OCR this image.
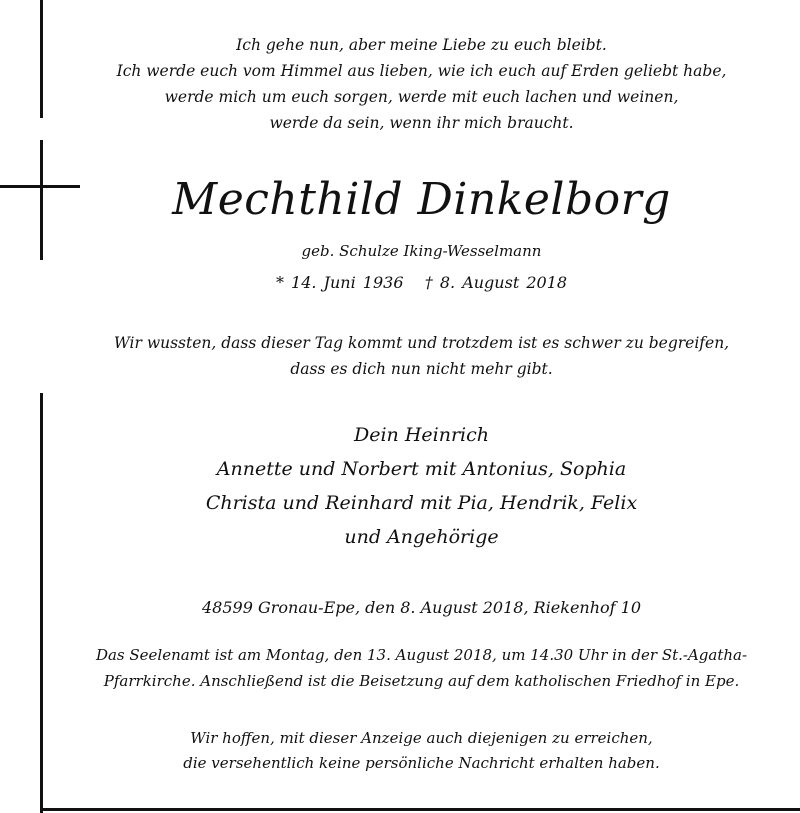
Ich gehe nun, aber meine Liebe zu euch bleibt.
Ich werde euch vom Himmel aus lieben, wie ich euch auf Erden geliebt habe,
werde mich um euch sorgen, werde mit euch lachen und weinen,
werde da sein, wenn ihr mich braucht.
Mechthild Dinkelborg
geb. Schulze Iking-Wesselmann
* 14. Juni 1936   † 8. August 2018
Wir wussten, dass dieser Tag kommt und trotzdem ist es schwer zu begreifen,
dass es dich nun nicht mehr gibt.
Dein Heinrich
Annette und Norbert mit Antonius, Sophia
Christa und Reinhard mit Pia, Hendrik, Felix
und Angehörige
48599 Gronau-Epe, den 8. August 2018, Riekenhof 10
Das Seelenamt ist am Montag, den 13. August 2018, um 14.30 Uhr in der St.-Agatha-
Pfarrkirche. Anschließend ist die Beisetzung auf dem katholischen Friedhof in Epe.
Wir hoffen, mit dieser Anzeige auch diejenigen zu erreichen,
die versehentlich keine persönliche Nachricht erhalten haben.
